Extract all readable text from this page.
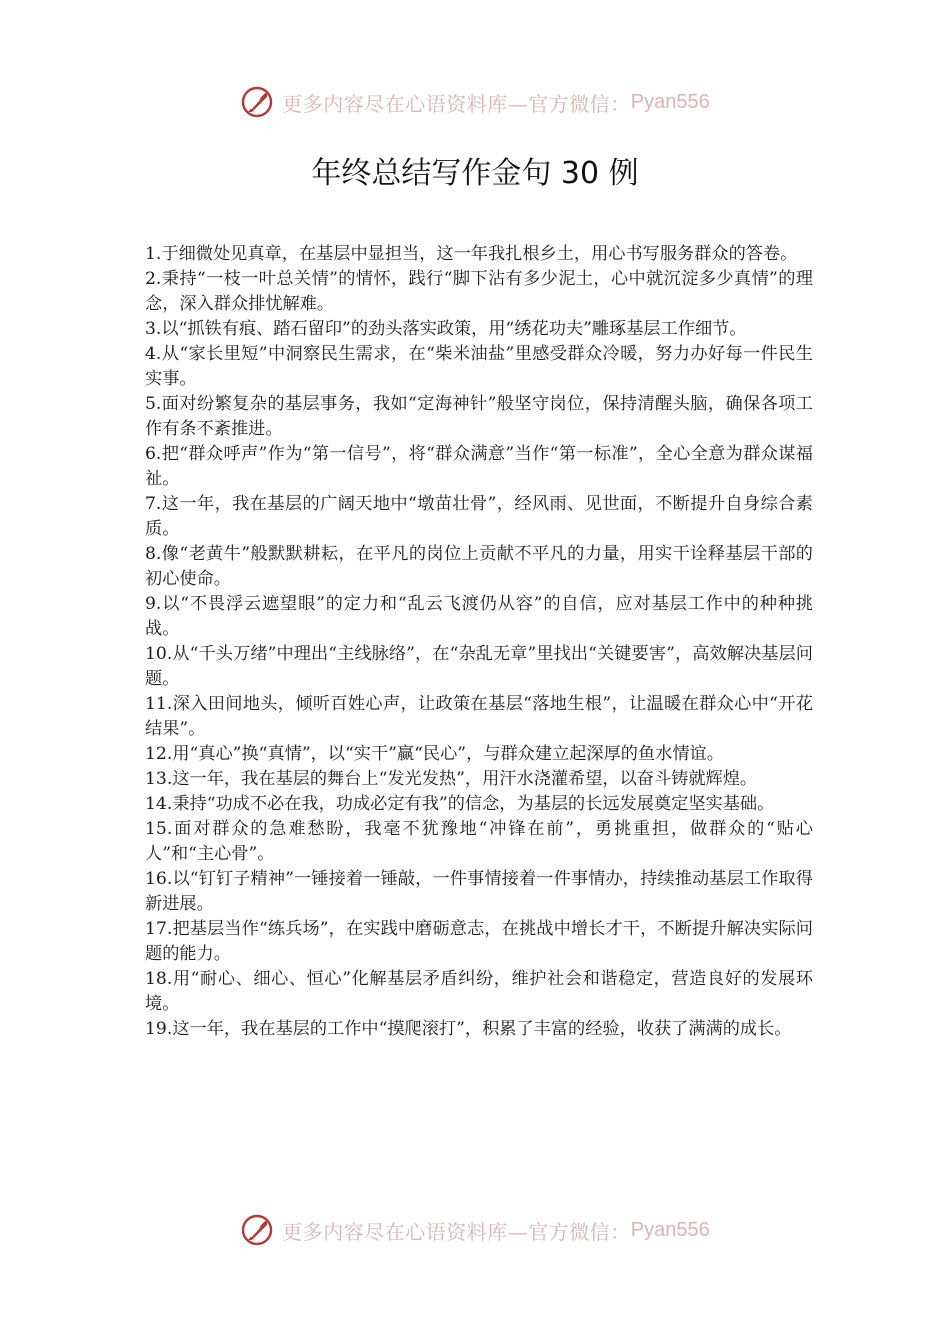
更多内容尽在心语资料库—官方微信： Pyan556
年终总结写作金句 30 例

1.于细微处见真章，在基层中显担当，这一年我扎根乡土，用心书写服务群众的答卷。

2.秉持“一枝一叶总关情”的情怀，践行“脚下沾有多少泥土，心中就沉淀多少真情”的理念，深入群众排忧解难。

3.以“抓铁有痕、踏石留印”的劲头落实政策，用“绣花功夫”雕琢基层工作细节。

4.从“家长里短”中洞察民生需求，在“柴米油盐”里感受群众冷暖，努力办好每一件民生实事。

5.面对纷繁复杂的基层事务，我如“定海神针”般坚守岗位，保持清醒头脑，确保各项工作有条不紊推进。

6.把“群众呼声”作为“第一信号”，将“群众满意”当作“第一标准”，全心全意为群众谋福祉。

7.这一年，我在基层的广阔天地中“墩苗壮骨”，经风雨、见世面，不断提升自身综合素质。

8.像“老黄牛”般默默耕耘，在平凡的岗位上贡献不平凡的力量，用实干诠释基层干部的初心使命。

9.以“不畏浮云遮望眼”的定力和“乱云飞渡仍从容”的自信，应对基层工作中的种种挑战。

10.从“千头万绪”中理出“主线脉络”，在“杂乱无章”里找出“关键要害”，高效解决基层问题。

11.深入田间地头，倾听百姓心声，让政策在基层“落地生根”，让温暖在群众心中“开花结果”。

12.用“真心”换“真情”，以“实干”赢“民心”，与群众建立起深厚的鱼水情谊。

13.这一年，我在基层的舞台上“发光发热”，用汗水浇灌希望，以奋斗铸就辉煌。

14.秉持“功成不必在我，功成必定有我”的信念，为基层的长远发展奠定坚实基础。

15.面对群众的急难愁盼，我毫不犹豫地“冲锋在前”，勇挑重担，做群众的“贴心人”和“主心骨”。

16.以“钉钉子精神”一锤接着一锤敲，一件事情接着一件事情办，持续推动基层工作取得新进展。

17.把基层当作“练兵场”，在实践中磨砺意志，在挑战中增长才干，不断提升解决实际问题的能力。

18.用“耐心、细心、恒心”化解基层矛盾纠纷，维护社会和谐稳定，营造良好的发展环境。

19.这一年，我在基层的工作中“摸爬滚打”，积累了丰富的经验，收获了满满的成长。

更多内容尽在心语资料库—官方微信： Pyan556
